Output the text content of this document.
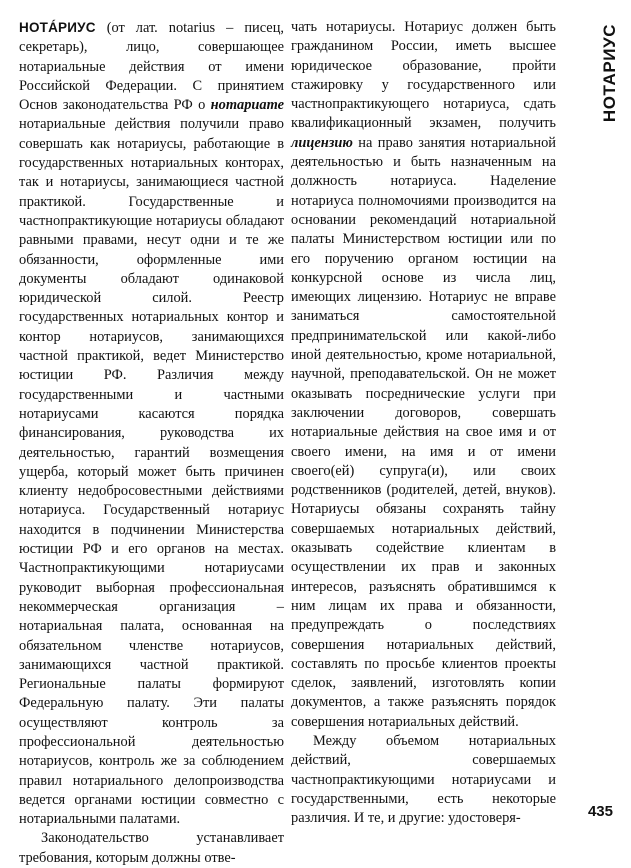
НОТÁРИУС (от лат. notarius – писец, секретарь), лицо, совершающее нотариальные действия от имени Российской Федерации. С принятием Основ законодательства РФ о нотариате нотариальные действия получили право совершать как нотариусы, работающие в государственных нотариальных конторах, так и нотариусы, занимающиеся частной практикой. Государственные и частнопрактикующие нотариусы обладают равными правами, несут одни и те же обязанности, оформленные ими документы обладают одинаковой юридической силой. Реестр государственных нотариальных контор и контор нотариусов, занимающихся частной практикой, ведет Министерство юстиции РФ. Различия между государственными и частными нотариусами касаются порядка финансирования, руководства их деятельностью, гарантий возмещения ущерба, который может быть причинен клиенту недобросовестными действиями нотариуса. Государственный нотариус находится в подчинении Министерства юстиции РФ и его органов на местах. Частнопрактикующими нотариусами руководит выборная профессиональная некоммерческая организация – нотариальная палата, основанная на обязательном членстве нотариусов, занимающихся частной практикой. Региональные палаты формируют Федеральную палату. Эти палаты осуществляют контроль за профессиональной деятельностью нотариусов, контроль же за соблюдением правил нотариального делопроизводства ведется органами юстиции совместно с нотариальными палатами.

Законодательство устанавливает требования, которым должны отве-

чать нотариусы. Нотариус должен быть гражданином России, иметь высшее юридическое образование, пройти стажировку у государственного или частнопрактикующего нотариуса, сдать квалификационный экзамен, получить лицензию на право занятия нотариальной деятельностью и быть назначенным на должность нотариуса. Наделение нотариуса полномочиями производится на основании рекомендаций нотариальной палаты Министерством юстиции или по его поручению органом юстиции на конкурсной основе из числа лиц, имеющих лицензию. Нотариус не вправе заниматься самостоятельной предпринимательской или какой-либо иной деятельностью, кроме нотариальной, научной, преподавательской. Он не может оказывать посреднические услуги при заключении договоров, совершать нотариальные действия на свое имя и от своего имени, на имя и от имени своего(ей) супруга(и), или своих родственников (родителей, детей, внуков). Нотариусы обязаны сохранять тайну совершаемых нотариальных действий, оказывать содействие клиентам в осуществлении их прав и законных интересов, разъяснять обратившимся к ним лицам их права и обязанности, предупреждать о последствиях совершения нотариальных действий, составлять по просьбе клиентов проекты сделок, заявлений, изготовлять копии документов, а также разъяснять порядок совершения нотариальных действий.

Между объемом нотариальных действий, совершаемых частнопрактикующими нотариусами и государственными, есть некоторые различия. И те, и другие: удостоверя-

НОТАРИУС
435
